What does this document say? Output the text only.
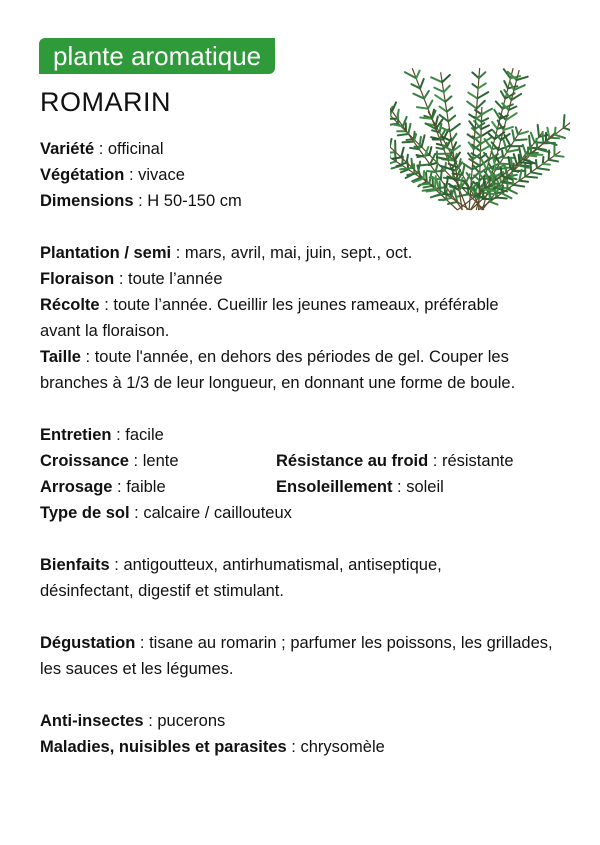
plante aromatique
ROMARIN
Variété : officinal
Végétation : vivace
Dimensions : H 50-150 cm
Plantation / semi : mars, avril, mai, juin, sept., oct.
Floraison : toute l’année
Récolte : toute l’année. Cueillir les jeunes rameaux, préférable avant la floraison.
Taille : toute l'année, en dehors des périodes de gel. Couper les branches à 1/3 de leur longueur, en donnant une forme de boule.
Entretien : facile
Croissance : lente	Résistance au froid : résistante
Arrosage : faible	Ensoleillement : soleil
Type de sol : calcaire / caillouteux
Bienfaits : antigoutteux, antirhumatismal, antiseptique, désinfectant, digestif et stimulant.
Dégustation : tisane au romarin ; parfumer les poissons, les grillades, les sauces et les légumes.
Anti-insectes : pucerons
Maladies, nuisibles et parasites : chrysomèle
